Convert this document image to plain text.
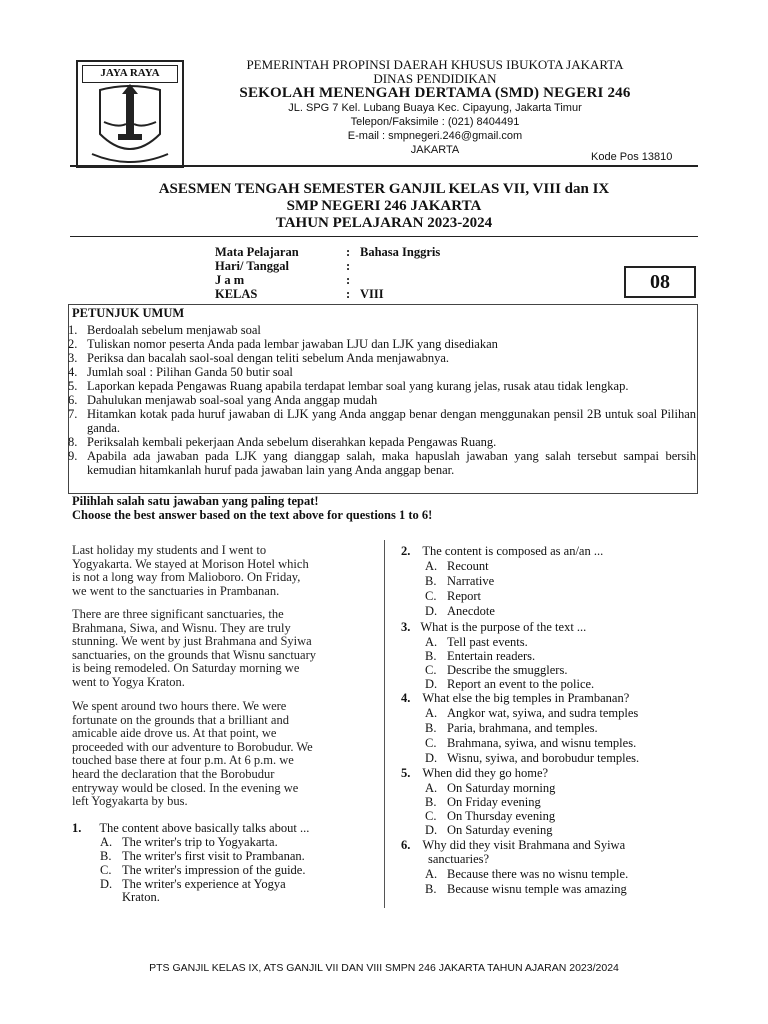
JAYA RAYA
PEMERINTAH PROPINSI DAERAH KHUSUS IBUKOTA JAKARTA
DINAS PENDIDIKAN
SEKOLAH MENENGAH DERTAMA (SMD) NEGERI 246
JL. SPG 7 Kel. Lubang Buaya Kec. Cipayung, Jakarta Timur
Telepon/Faksimile : (021) 8404491
E-mail : smpnegeri.246@gmail.com
JAKARTA
Kode Pos 13810
ASESMEN TENGAH SEMESTER GANJIL KELAS VII, VIII dan IX
SMP NEGERI 246 JAKARTA
TAHUN PELAJARAN 2023-2024
Mata Pelajaran	: Bahasa Inggris
Hari/ Tanggal	:
J a m	:
KELAS	: VIII
08
PETUNJUK UMUM
1. Berdoalah sebelum menjawab soal
2. Tuliskan nomor peserta Anda pada lembar jawaban LJU dan LJK yang disediakan
3. Periksa dan bacalah saol-soal dengan teliti sebelum Anda menjawabnya.
4. Jumlah soal : Pilihan Ganda 50 butir soal
5. Laporkan kepada Pengawas Ruang apabila terdapat lembar soal yang kurang jelas, rusak atau tidak lengkap.
6. Dahulukan menjawab soal-soal yang Anda anggap mudah
7. Hitamkan kotak pada huruf jawaban di LJK yang Anda anggap benar dengan menggunakan pensil 2B untuk soal Pilihan ganda.
8. Periksalah kembali pekerjaan Anda sebelum diserahkan kepada Pengawas Ruang.
9. Apabila ada jawaban pada LJK yang dianggap salah, maka hapuslah jawaban yang salah tersebut sampai bersih kemudian hitamkanlah huruf pada jawaban lain yang Anda anggap benar.
Pilihlah salah satu jawaban yang paling tepat!
Choose the best answer based on the text above for questions 1 to 6!
Last holiday my students and I went to
Yogyakarta. We stayed at Morison Hotel which
is not a long way from Malioboro. On Friday,
we went to the sanctuaries in Prambanan.
There are three significant sanctuaries, the
Brahmana, Siwa, and Wisnu. They are truly
stunning. We went by just Brahmana and Syiwa
sanctuaries, on the grounds that Wisnu sanctuary
is being remodeled. On Saturday morning we
went to Yogya Kraton.
We spent around two hours there. We were
fortunate on the grounds that a brilliant and
amicable aide drove us. At that point, we
proceeded with our adventure to Borobudur. We
touched base there at four p.m. At 6 p.m. we
heard the declaration that the Borobudur
entryway would be closed. In the evening we
left Yogyakarta by bus.
1. The content above basically talks about ...
A. The writer's trip to Yogyakarta.
B. The writer's first visit to Prambanan.
C. The writer's impression of the guide.
D. The writer's experience at Yogya
Kraton.
2. The content is composed as an/an ...
A. Recount
B. Narrative
C. Report
D. Anecdote
3. What is the purpose of the text ...
A. Tell past events.
B. Entertain readers.
C. Describe the smugglers.
D. Report an event to the police.
4. What else the big temples in Prambanan?
A. Angkor wat, syiwa, and sudra temples
B. Paria, brahmana, and temples.
C. Brahmana, syiwa, and wisnu temples.
D. Wisnu, syiwa, and borobudur temples.
5. When did they go home?
A. On Saturday morning
B. On Friday evening
C. On Thursday evening
D. On Saturday evening
6. Why did they visit Brahmana and Syiwa
sanctuaries?
A. Because there was no wisnu temple.
B. Because wisnu temple was amazing
PTS GANJIL KELAS IX, ATS GANJIL VII DAN VIII SMPN 246 JAKARTA TAHUN AJARAN 2023/2024
